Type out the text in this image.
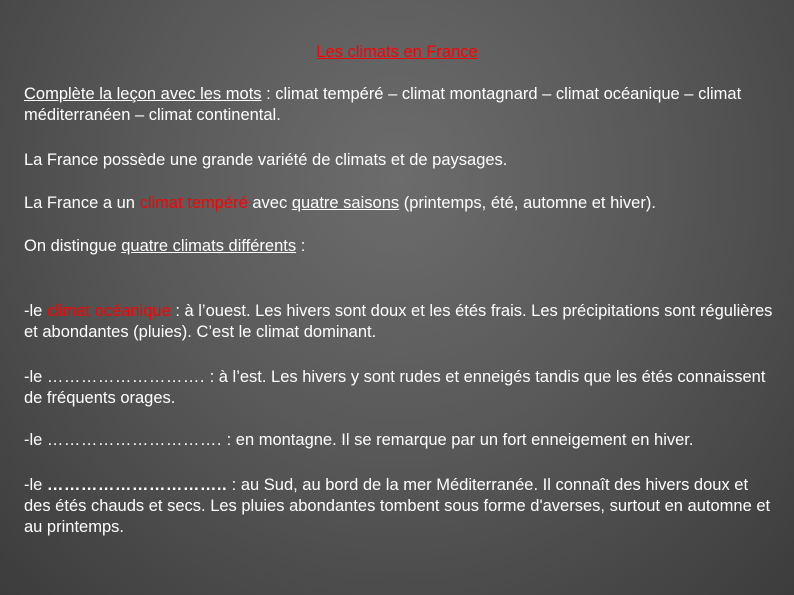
Les climats en France

Complète la leçon avec les mots : climat tempéré – climat montagnard – climat océanique – climat méditerranéen – climat continental.

La France possède une grande variété de climats et de paysages.

La France a un climat tempéré avec quatre saisons (printemps, été, automne et hiver).

On distingue quatre climats différents :

-le climat océanique : à l’ouest. Les hivers sont doux et les étés frais. Les précipitations sont régulières et abondantes (pluies). C’est le climat dominant.

-le ………………………. : à l’est. Les hivers y sont rudes et enneigés tandis que les étés connaissent de fréquents orages.

-le …………………………. : en montagne. Il se remarque par un fort enneigement en hiver.

-le ………………………….. : au Sud, au bord de la mer Méditerranée. Il connaît des hivers doux et des étés chauds et secs. Les pluies abondantes tombent sous forme d'averses, surtout en automne et au printemps.
